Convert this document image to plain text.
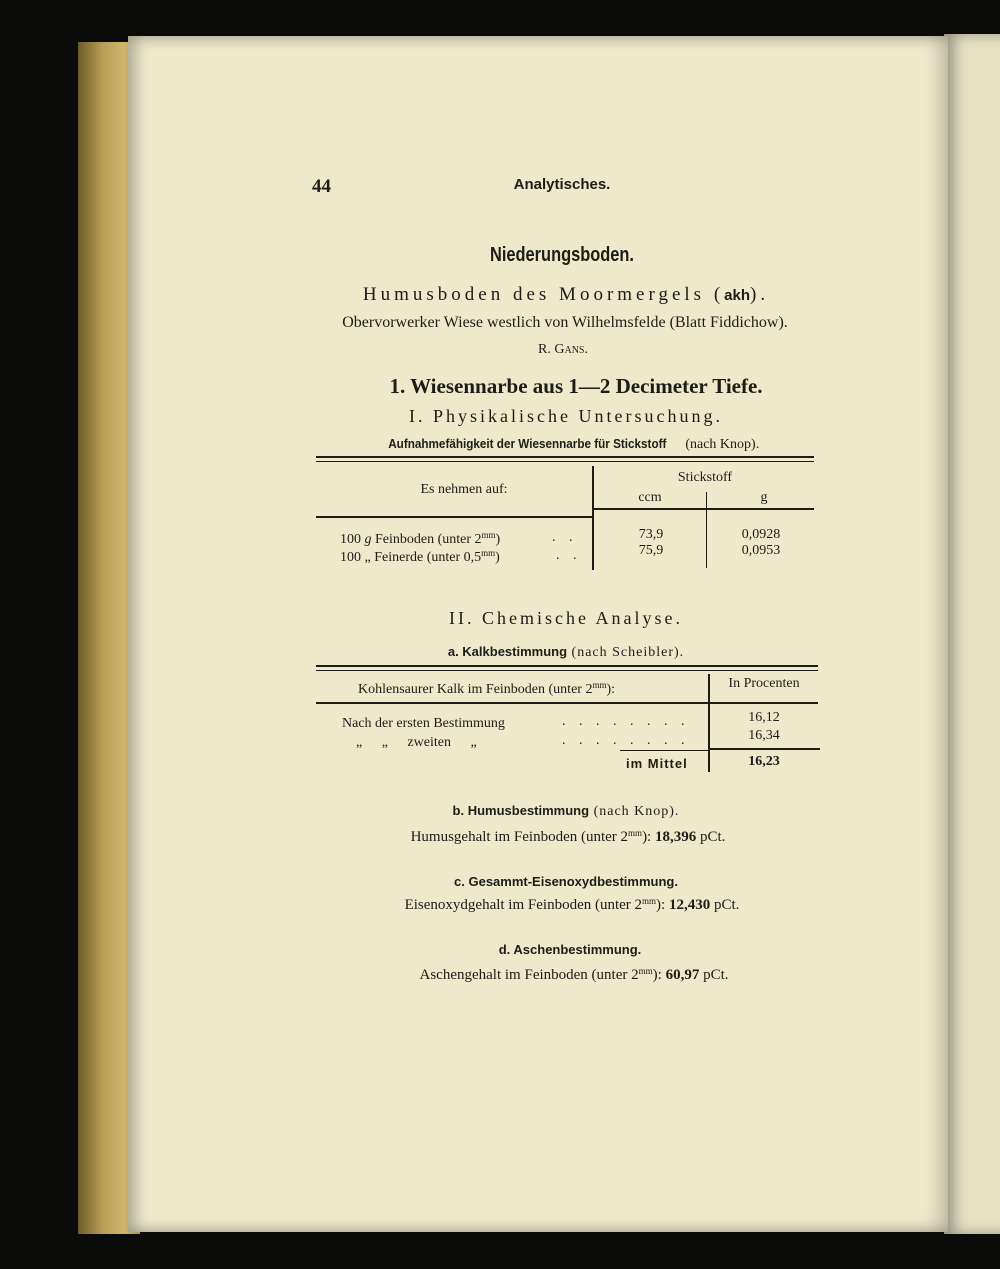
44	Analytisches.
Niederungsboden.
Humusboden des Moormergels (akh).
Obervorwerker Wiese westlich von Wilhelmsfelde (Blatt Fiddichow).
R. Gans.
1. Wiesennarbe aus 1—2 Decimeter Tiefe.
I. Physikalische Untersuchung.
Aufnahmefähigkeit der Wiesennarbe für Stickstoff (nach Knop).
Es nehmen auf:
Stickstoff
ccm	g
100 g Feinboden (unter $2^{mm}$)	. .	73,9	0,0928
100 „ Feinerde (unter $0,5^{mm}$)	. .	75,9	0,0953
II. Chemische Analyse.
a. Kalkbestimmung (nach Scheibler).
Kohlensaurer Kalk im Feinboden (unter $2^{mm}$):	In Procenten
Nach der ersten Bestimmung	. . . . . . . .	16,12
„ „ zweiten „	. . . . . . . .	16,34
im Mittel	16,23
b. Humusbestimmung (nach Knop).
Humusgehalt im Feinboden (unter $2^{mm}$): 18,396 pCt.
c. Gesammt-Eisenoxydbestimmung.
Eisenoxydgehalt im Feinboden (unter $2^{mm}$): 12,430 pCt.
d. Aschenbestimmung.
Aschengehalt im Feinboden (unter $2^{mm}$): 60,97 pCt.
